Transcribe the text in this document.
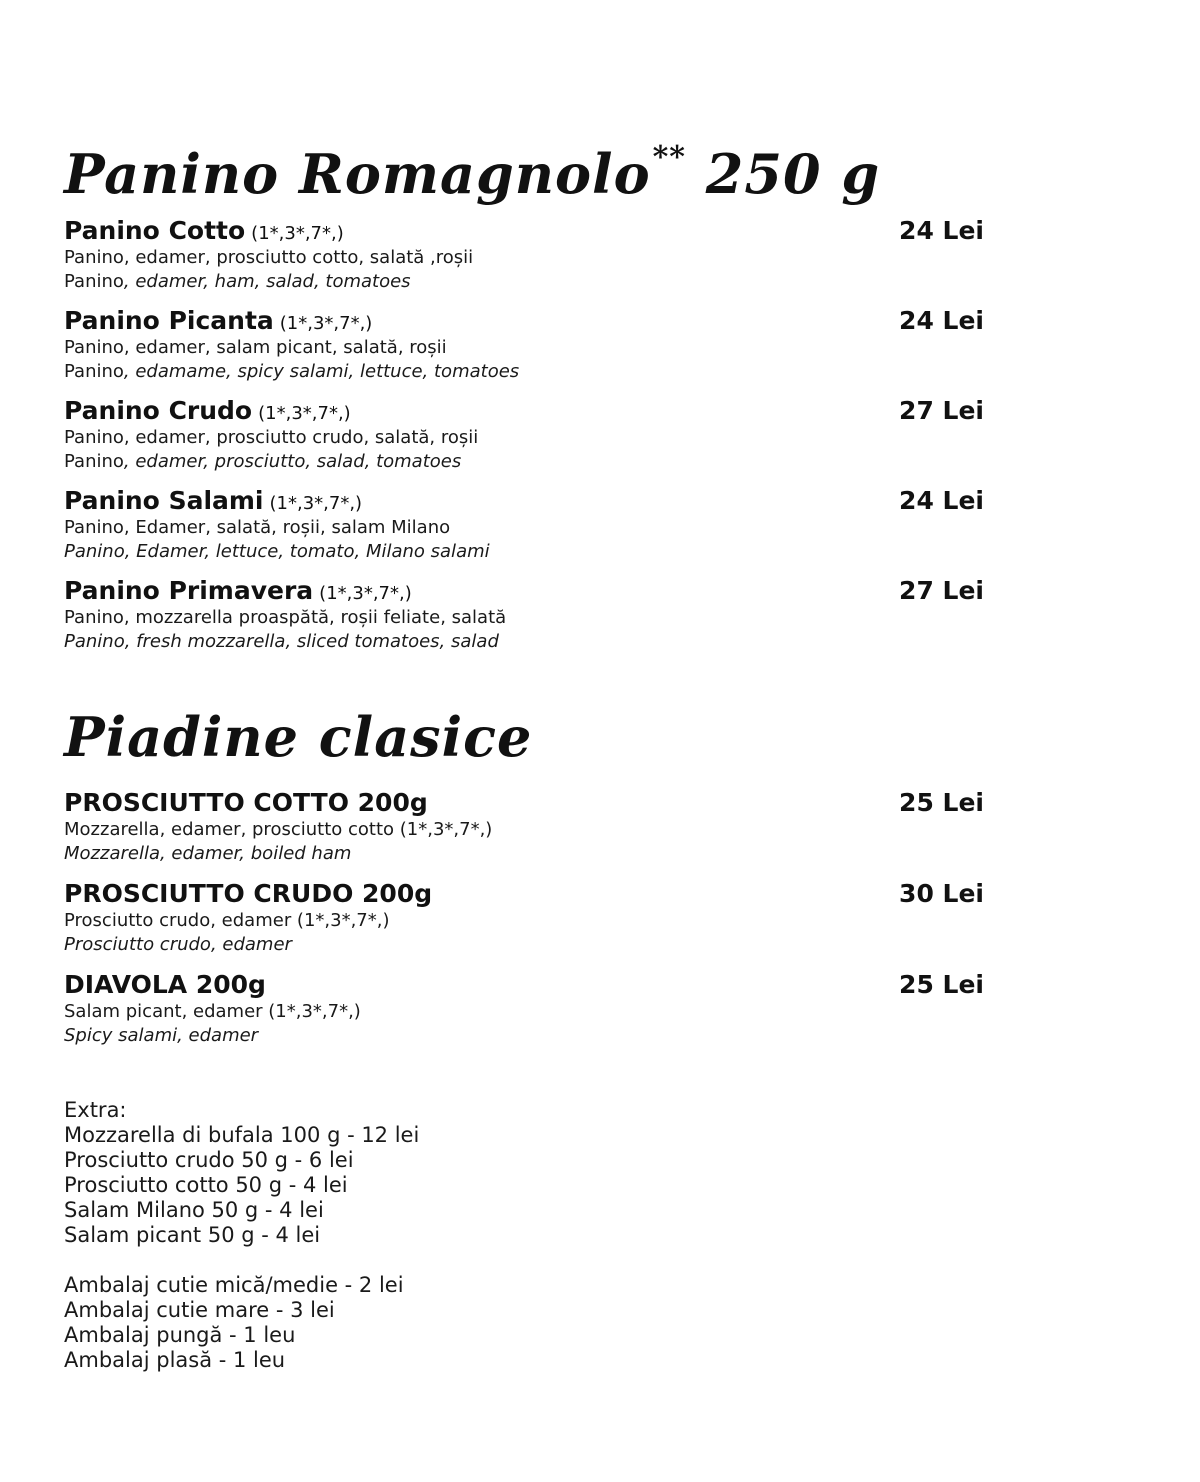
Panino Romagnolo** 250 g
Panino Cotto (1*,3*,7*,)	24 Lei
Panino, edamer, prosciutto cotto, salată ,roșii
Panino, edamer, ham, salad, tomatoes
Panino Picanta (1*,3*,7*,)	24 Lei
Panino, edamer, salam picant, salată, roșii
Panino, edamame, spicy salami, lettuce, tomatoes
Panino Crudo (1*,3*,7*,)	27 Lei
Panino, edamer, prosciutto crudo, salată, roșii
Panino, edamer, prosciutto, salad, tomatoes
Panino Salami (1*,3*,7*,)	24 Lei
Panino, Edamer, salată, roșii, salam Milano
Panino, Edamer, lettuce, tomato, Milano salami
Panino Primavera (1*,3*,7*,)	27 Lei
Panino, mozzarella proaspătă, roșii feliate, salată
Panino, fresh mozzarella, sliced tomatoes, salad
Piadine clasice
PROSCIUTTO COTTO 200g	25 Lei
Mozzarella, edamer, prosciutto cotto (1*,3*,7*,)
Mozzarella, edamer, boiled ham
PROSCIUTTO CRUDO 200g	30 Lei
Prosciutto crudo, edamer (1*,3*,7*,)
Prosciutto crudo, edamer
DIAVOLA 200g	25 Lei
Salam picant, edamer (1*,3*,7*,)
Spicy salami, edamer
Extra:
Mozzarella di bufala 100 g - 12 lei
Prosciutto crudo 50 g - 6 lei
Prosciutto cotto 50 g - 4 lei
Salam Milano 50 g - 4 lei
Salam picant 50 g - 4 lei
Ambalaj cutie mică/medie - 2 lei
Ambalaj cutie mare - 3 lei
Ambalaj pungă - 1 leu
Ambalaj plasă - 1 leu
